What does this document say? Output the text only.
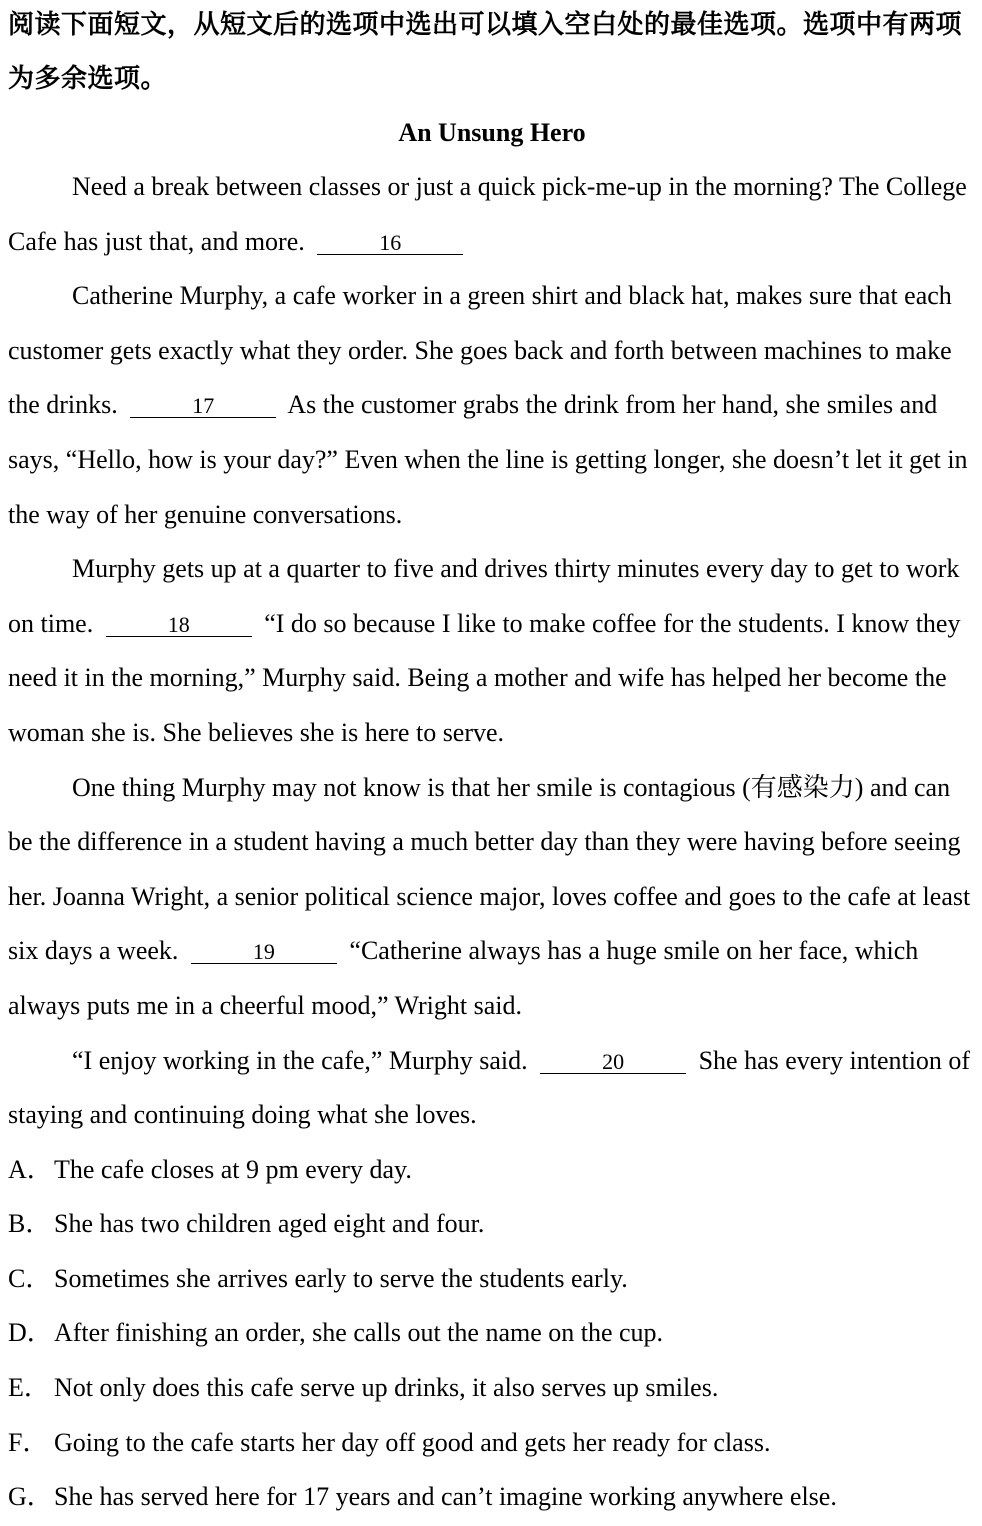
阅读下面短文，从短文后的选项中选出可以填入空白处的最佳选项。选项中有两项为多余选项。

An Unsung Hero

Need a break between classes or just a quick pick-me-up in the morning? The College Cafe has just that, and more.	16

Catherine Murphy, a cafe worker in a green shirt and black hat, makes sure that each customer gets exactly what they order. She goes back and forth between machines to make the drinks.	17	As the customer grabs the drink from her hand, she smiles and says, “Hello, how is your day?” Even when the line is getting longer, she doesn’t let it get in the way of her genuine conversations.

Murphy gets up at a quarter to five and drives thirty minutes every day to get to work on time.	18	“I do so because I like to make coffee for the students. I know they need it in the morning,” Murphy said. Being a mother and wife has helped her become the woman she is. She believes she is here to serve.

One thing Murphy may not know is that her smile is contagious (有感染力) and can be the difference in a student having a much better day than they were having before seeing her. Joanna Wright, a senior political science major, loves coffee and goes to the cafe at least six days a week.	19	“Catherine always has a huge smile on her face, which always puts me in a cheerful mood,” Wright said.

“I enjoy working in the cafe,” Murphy said.	20	She has every intention of staying and continuing doing what she loves.

A．The cafe closes at 9 pm every day.

B． She has two children aged eight and four.

C． Sometimes she arrives early to serve the students early.

D．After finishing an order, she calls out the name on the cup.

E． Not only does this cafe serve up drinks, it also serves up smiles.

F． Going to the cafe starts her day off good and gets her ready for class.

G．She has served here for 17 years and can’t imagine working anywhere else.
